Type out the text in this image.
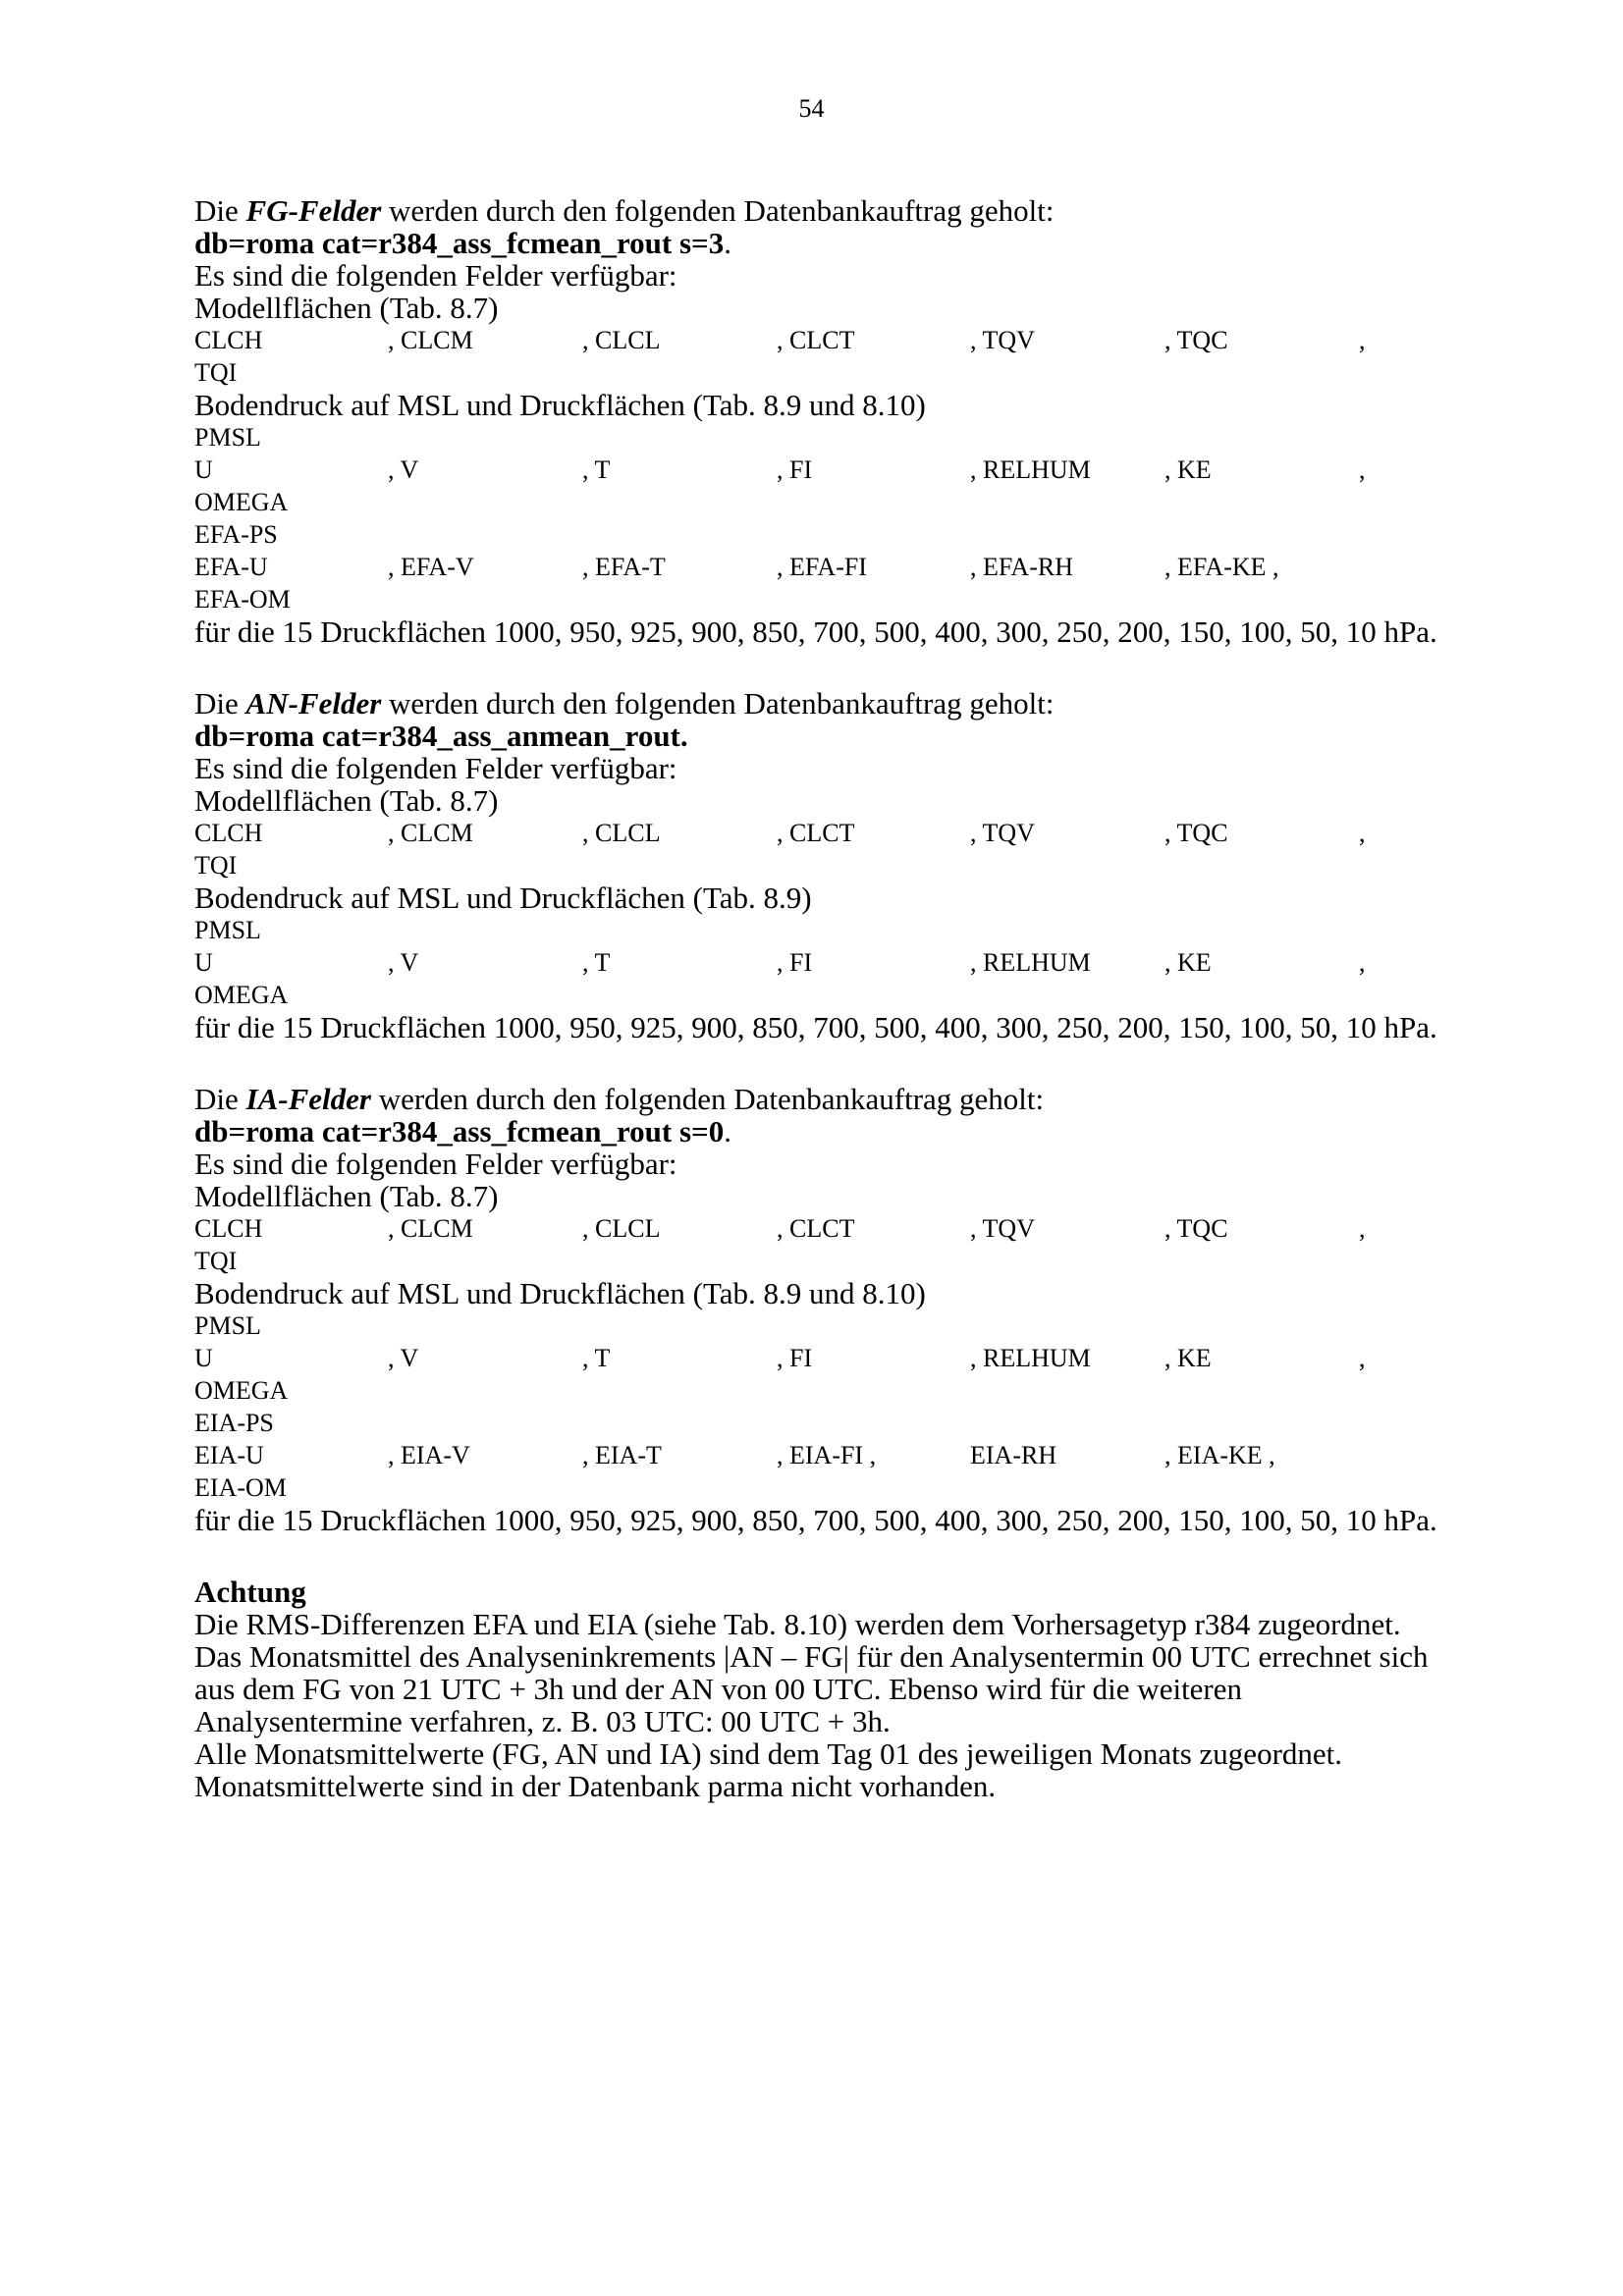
54
Die FG-Felder werden durch den folgenden Datenbankauftrag geholt:
db=roma cat=r384_ass_fcmean_rout s=3.
Es sind die folgenden Felder verfügbar:
Modellflächen (Tab. 8.7)
CLCH	, CLCM	, CLCL	, CLCT	, TQV	, TQC	,
TQI
Bodendruck auf MSL und Druckflächen (Tab. 8.9 und 8.10)
PMSL
U	, V	, T	, FI	, RELHUM	, KE	,
OMEGA
EFA-PS
EFA-U	, EFA-V	, EFA-T	, EFA-FI	, EFA-RH	, EFA-KE ,
EFA-OM
für die 15 Druckflächen 1000, 950, 925, 900, 850, 700, 500, 400, 300, 250, 200, 150, 100, 50, 10 hPa.
Die AN-Felder werden durch den folgenden Datenbankauftrag geholt:
db=roma cat=r384_ass_anmean_rout.
Es sind die folgenden Felder verfügbar:
Modellflächen (Tab. 8.7)
CLCH	, CLCM	, CLCL	, CLCT	, TQV	, TQC	,
TQI
Bodendruck auf MSL und Druckflächen (Tab. 8.9)
PMSL
U	, V	, T	, FI	, RELHUM	, KE	,
OMEGA
für die 15 Druckflächen 1000, 950, 925, 900, 850, 700, 500, 400, 300, 250, 200, 150, 100, 50, 10 hPa.
Die IA-Felder werden durch den folgenden Datenbankauftrag geholt:
db=roma cat=r384_ass_fcmean_rout s=0.
Es sind die folgenden Felder verfügbar:
Modellflächen (Tab. 8.7)
CLCH	, CLCM	, CLCL	, CLCT	, TQV	, TQC	,
TQI
Bodendruck auf MSL und Druckflächen (Tab. 8.9 und 8.10)
PMSL
U	, V	, T	, FI	, RELHUM	, KE	,
OMEGA
EIA-PS
EIA-U	, EIA-V	, EIA-T	, EIA-FI ,	EIA-RH	, EIA-KE ,
EIA-OM
für die 15 Druckflächen 1000, 950, 925, 900, 850, 700, 500, 400, 300, 250, 200, 150, 100, 50, 10 hPa.
Achtung
Die RMS-Differenzen EFA und EIA (siehe Tab. 8.10) werden dem Vorhersagetyp r384 zugeordnet. Das Monatsmittel des Analyseninkrements |AN – FG| für den Analysentermin 00 UTC errechnet sich aus dem FG von 21 UTC + 3h und der AN von 00 UTC. Ebenso wird für die weiteren Analysentermine verfahren, z. B. 03 UTC: 00 UTC + 3h.
Alle Monatsmittelwerte (FG, AN und IA) sind dem Tag 01 des jeweiligen Monats zugeordnet. Monatsmittelwerte sind in der Datenbank parma nicht vorhanden.
